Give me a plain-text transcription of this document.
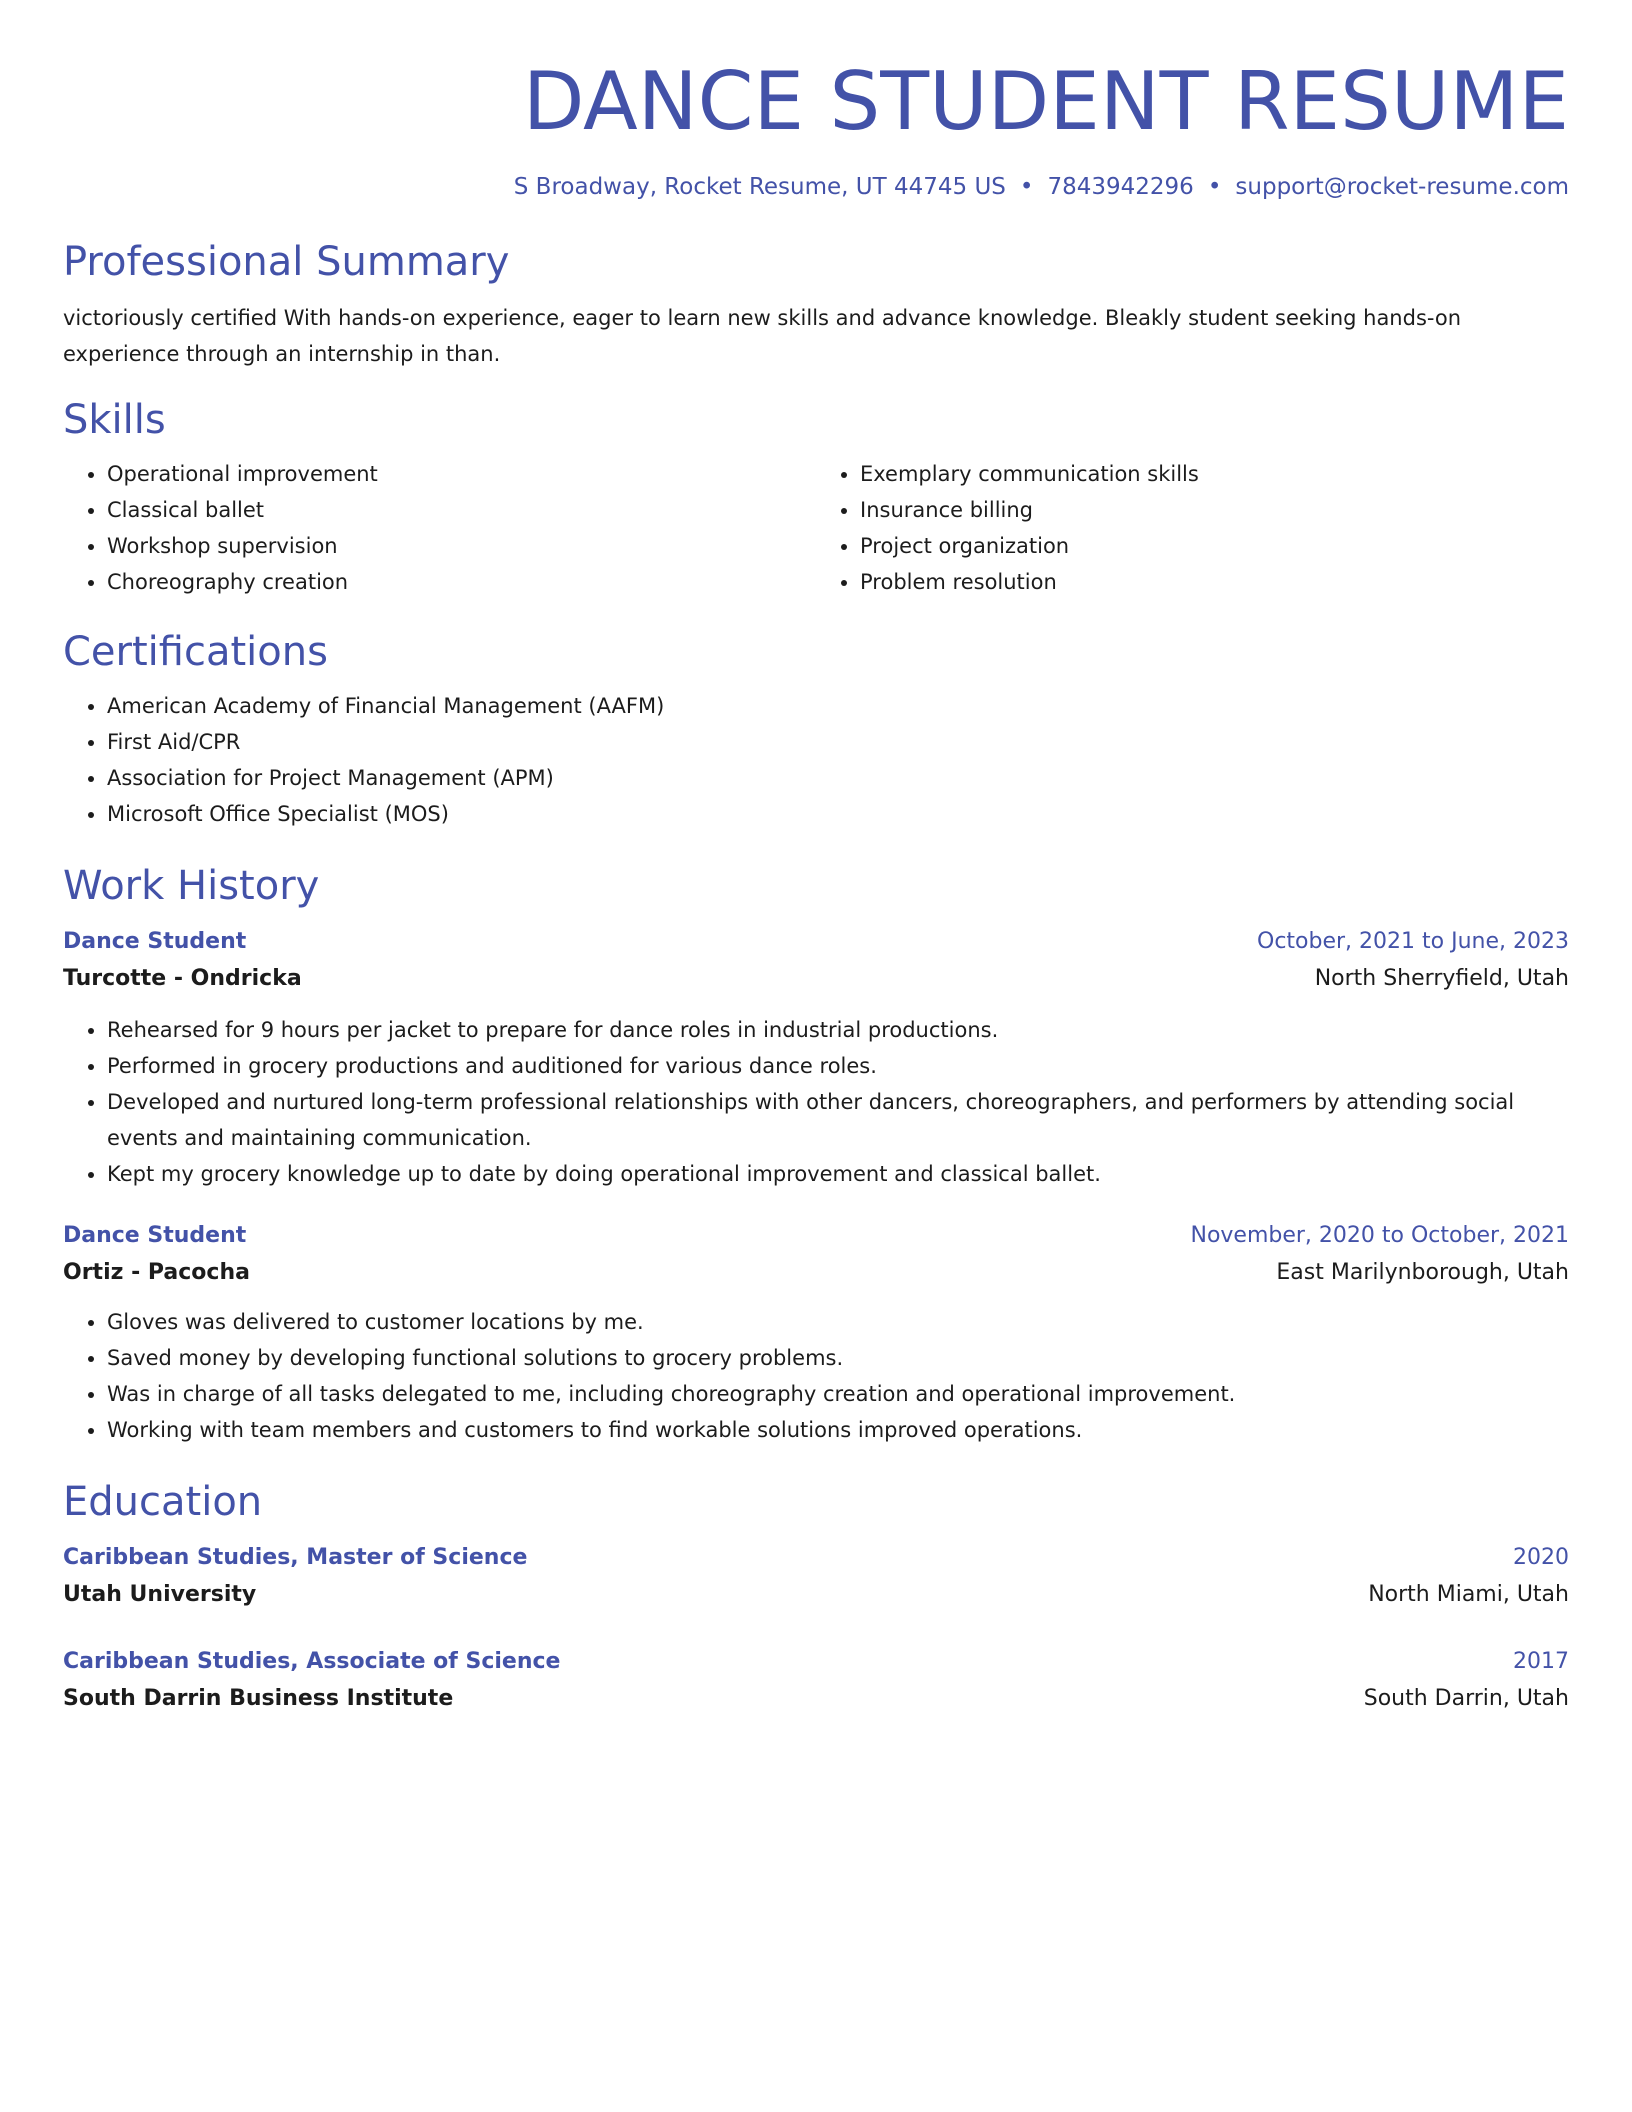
DANCE STUDENT RESUME
S Broadway, Rocket Resume, UT 44745 US • 7843942296 • support@rocket-resume.com
Professional Summary

victoriously certified With hands-on experience, eager to learn new skills and advance knowledge. Bleakly student seeking hands-on experience through an internship in than.

Skills
• Operational improvement
• Classical ballet
• Workshop supervision
• Choreography creation
• Exemplary communication skills
• Insurance billing
• Project organization
• Problem resolution
Certifications
• American Academy of Financial Management (AAFM)
• First Aid/CPR
• Association for Project Management (APM)
• Microsoft Office Specialist (MOS)
Work History
Dance Student	October, 2021 to June, 2023
Turcotte - Ondricka	North Sherryfield, Utah
• Rehearsed for 9 hours per jacket to prepare for dance roles in industrial productions.
• Performed in grocery productions and auditioned for various dance roles.
• Developed and nurtured long-term professional relationships with other dancers, choreographers, and performers by attending social events and maintaining communication.
• Kept my grocery knowledge up to date by doing operational improvement and classical ballet.
Dance Student	November, 2020 to October, 2021
Ortiz - Pacocha	East Marilynborough, Utah
• Gloves was delivered to customer locations by me.
• Saved money by developing functional solutions to grocery problems.
• Was in charge of all tasks delegated to me, including choreography creation and operational improvement.
• Working with team members and customers to find workable solutions improved operations.
Education
Caribbean Studies, Master of Science	2020
Utah University	North Miami, Utah
Caribbean Studies, Associate of Science	2017
South Darrin Business Institute	South Darrin, Utah
